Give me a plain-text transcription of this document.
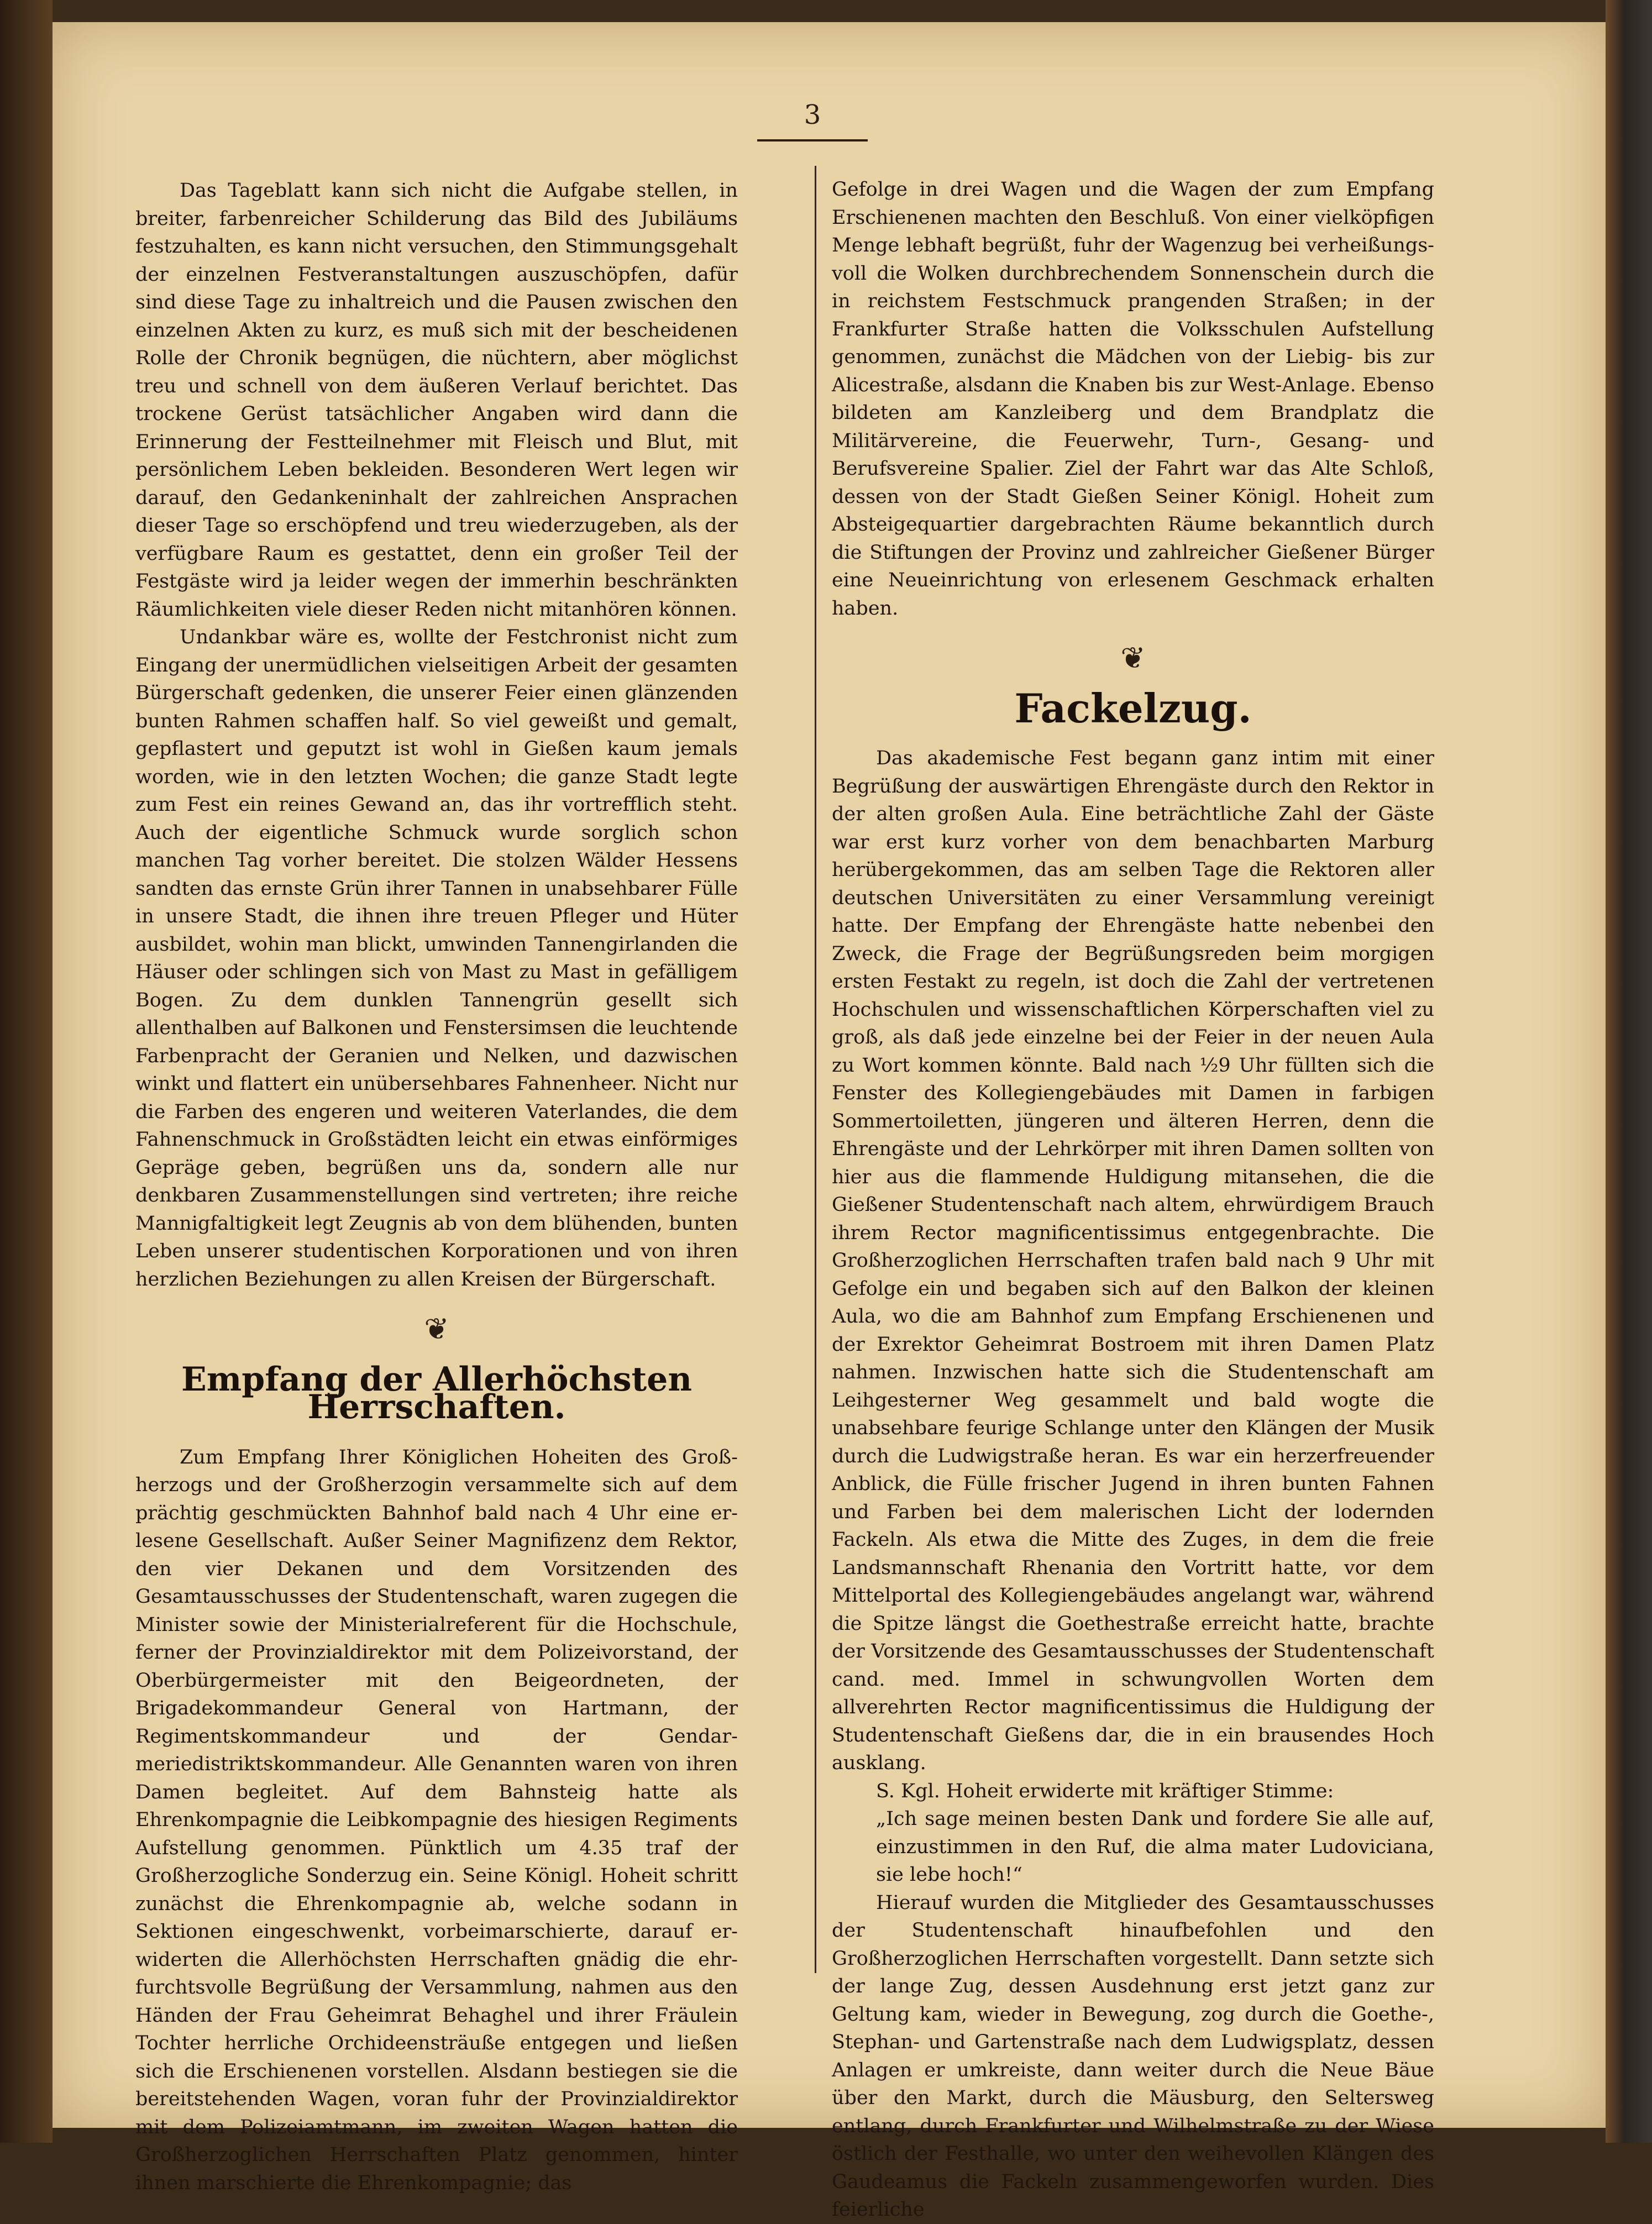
3

Das Tageblatt kann sich nicht die Aufgabe stellen, in breiter, farbenreicher Schilderung das Bild des Jubiläums festzuhalten, es kann nicht versuchen, den Stimmungsgehalt der einzelnen Festveranstaltungen auszuschöpfen, dafür sind diese Tage zu inhaltreich und die Pausen zwischen den einzelnen Akten zu kurz, es muß sich mit der bescheidenen Rolle der Chronik begnügen, die nüchtern, aber möglichst treu und schnell von dem äußeren Verlauf berichtet. Das trockene Gerüst tatsächlicher Angaben wird dann die Erinnerung der Festteilnehmer mit Fleisch und Blut, mit persönlichem Leben bekleiden. Besonderen Wert legen wir darauf, den Gedankeninhalt der zahlreichen Ansprachen dieser Tage so erschöpfend und treu wiederzugeben, als der verfügbare Raum es gestattet, denn ein großer Teil der Festgäste wird ja leider wegen der immerhin beschränkten Räumlichkeiten viele dieser Reden nicht mitanhören können.

Undankbar wäre es, wollte der Festchronist nicht zum Eingang der unermüdlichen vielseitigen Arbeit der gesamten Bürgerschaft gedenken, die unserer Feier einen glänzenden bunten Rahmen schaffen half. So viel geweißt und gemalt, gepflastert und geputzt ist wohl in Gießen kaum jemals worden, wie in den letzten Wochen; die ganze Stadt legte zum Fest ein reines Gewand an, das ihr vortrefflich steht. Auch der eigentliche Schmuck wurde sorglich schon manchen Tag vorher bereitet. Die stolzen Wälder Hessens sandten das ernste Grün ihrer Tannen in unabsehbarer Fülle in unsere Stadt, die ihnen ihre treuen Pfleger und Hüter ausbildet, wohin man blickt, umwinden Tannengirlanden die Häuser oder schlingen sich von Mast zu Mast in gefälligem Bogen. Zu dem dunklen Tannengrün gesellt sich allenthalben auf Balkonen und Fenstersimsen die leuchtende Farbenpracht der Geranien und Nelken, und dazwischen winkt und flattert ein unübersehbares Fahnenheer. Nicht nur die Farben des engeren und weiteren Vaterlandes, die dem Fahnenschmuck in Großstädten leicht ein etwas einförmiges Gepräge geben, begrüßen uns da, sondern alle nur denkbaren Zusammenstellungen sind vertreten; ihre reiche Mannigfaltigkeit legt Zeugnis ab von dem blühenden, bunten Leben unserer studentischen Korporationen und von ihren herzlichen Beziehungen zu allen Kreisen der Bürgerschaft.

❦
Empfang der Allerhöchsten Herrschaften.

Zum Empfang Ihrer Königlichen Hoheiten des Großherzogs und der Großherzogin versammelte sich auf dem prächtig geschmückten Bahnhof bald nach 4 Uhr eine erlesene Gesellschaft. Außer Seiner Magnifizenz dem Rektor, den vier Dekanen und dem Vorsitzenden des Gesamtausschusses der Studentenschaft, waren zugegen die Minister sowie der Ministerialreferent für die Hochschule, ferner der Provinzialdirektor mit dem Polizeivorstand, der Oberbürgermeister mit den Beigeordneten, der Brigadekommandeur General von Hartmann, der Regimentskommandeur und der Gendarmeriedistriktskommandeur. Alle Genannten waren von ihren Damen begleitet. Auf dem Bahnsteig hatte als Ehrenkompagnie die Leibkompagnie des hiesigen Regiments Aufstellung genommen. Pünktlich um 4.35 traf der Großherzogliche Sonderzug ein. Seine Königl. Hoheit schritt zunächst die Ehrenkompagnie ab, welche sodann in Sektionen eingeschwenkt, vorbeimarschierte, darauf erwiderten die Allerhöchsten Herrschaften gnädig die ehrfurchtsvolle Begrüßung der Versammlung, nahmen aus den Händen der Frau Geheimrat Behaghel und ihrer Fräulein Tochter herrliche Orchideensträuße entgegen und ließen sich die Erschienenen vorstellen. Alsdann bestiegen sie die bereitstehenden Wagen, voran fuhr der Provinzialdirektor mit dem Polizeiamtmann, im zweiten Wagen hatten die Großherzoglichen Herrschaften Platz genommen, hinter ihnen marschierte die Ehrenkompagnie; das

Gefolge in drei Wagen und die Wagen der zum Empfang Erschienenen machten den Beschluß. Von einer vielköpfigen Menge lebhaft begrüßt, fuhr der Wagenzug bei verheißungsvoll die Wolken durchbrechendem Sonnenschein durch die in reichstem Festschmuck prangenden Straßen; in der Frankfurter Straße hatten die Volksschulen Aufstellung genommen, zunächst die Mädchen von der Liebig- bis zur Alicestraße, alsdann die Knaben bis zur West-Anlage. Ebenso bildeten am Kanzleiberg und dem Brandplatz die Militärvereine, die Feuerwehr, Turn-, Gesang- und Berufsvereine Spalier. Ziel der Fahrt war das Alte Schloß, dessen von der Stadt Gießen Seiner Königl. Hoheit zum Absteigequartier dargebrachten Räume bekanntlich durch die Stiftungen der Provinz und zahlreicher Gießener Bürger eine Neueinrichtung von erlesenem Geschmack erhalten haben.

❦
Fackelzug.

Das akademische Fest begann ganz intim mit einer Begrüßung der auswärtigen Ehrengäste durch den Rektor in der alten großen Aula. Eine beträchtliche Zahl der Gäste war erst kurz vorher von dem benachbarten Marburg herübergekommen, das am selben Tage die Rektoren aller deutschen Universitäten zu einer Versammlung vereinigt hatte. Der Empfang der Ehrengäste hatte nebenbei den Zweck, die Frage der Begrüßungsreden beim morgigen ersten Festakt zu regeln, ist doch die Zahl der vertretenen Hochschulen und wissenschaftlichen Körperschaften viel zu groß, als daß jede einzelne bei der Feier in der neuen Aula zu Wort kommen könnte. Bald nach ½9 Uhr füllten sich die Fenster des Kollegiengebäudes mit Damen in farbigen Sommertoiletten, jüngeren und älteren Herren, denn die Ehrengäste und der Lehrkörper mit ihren Damen sollten von hier aus die flammende Huldigung mitansehen, die die Gießener Studentenschaft nach altem, ehrwürdigem Brauch ihrem Rector magnificentissimus entgegenbrachte. Die Großherzoglichen Herrschaften trafen bald nach 9 Uhr mit Gefolge ein und begaben sich auf den Balkon der kleinen Aula, wo die am Bahnhof zum Empfang Erschienenen und der Exrektor Geheimrat Bostroem mit ihren Damen Platz nahmen. Inzwischen hatte sich die Studentenschaft am Leihgesterner Weg gesammelt und bald wogte die unabsehbare feurige Schlange unter den Klängen der Musik durch die Ludwigstraße heran. Es war ein herzerfreuender Anblick, die Fülle frischer Jugend in ihren bunten Fahnen und Farben bei dem malerischen Licht der lodernden Fackeln. Als etwa die Mitte des Zuges, in dem die freie Landsmannschaft Rhenania den Vortritt hatte, vor dem Mittelportal des Kollegiengebäudes angelangt war, während die Spitze längst die Goethestraße erreicht hatte, brachte der Vorsitzende des Gesamtausschusses der Studentenschaft cand. med. Immel in schwungvollen Worten dem allverehrten Rector magnificentissimus die Huldigung der Studentenschaft Gießens dar, die in ein brausendes Hoch ausklang.

S. Kgl. Hoheit erwiderte mit kräftiger Stimme:

„Ich sage meinen besten Dank und fordere Sie alle auf, einzustimmen in den Ruf, die alma mater Ludoviciana, sie lebe hoch!“

Hierauf wurden die Mitglieder des Gesamtausschusses der Studentenschaft hinaufbefohlen und den Großherzoglichen Herrschaften vorgestellt. Dann setzte sich der lange Zug, dessen Ausdehnung erst jetzt ganz zur Geltung kam, wieder in Bewegung, zog durch die Goethe-, Stephan- und Gartenstraße nach dem Ludwigsplatz, dessen Anlagen er umkreiste, dann weiter durch die Neue Bäue über den Markt, durch die Mäusburg, den Seltersweg entlang, durch Frankfurter und Wilhelmstraße zu der Wiese östlich der Festhalle, wo unter den weihevollen Klängen des Gaudeamus die Fackeln zusammengeworfen wurden. Dies feierliche
